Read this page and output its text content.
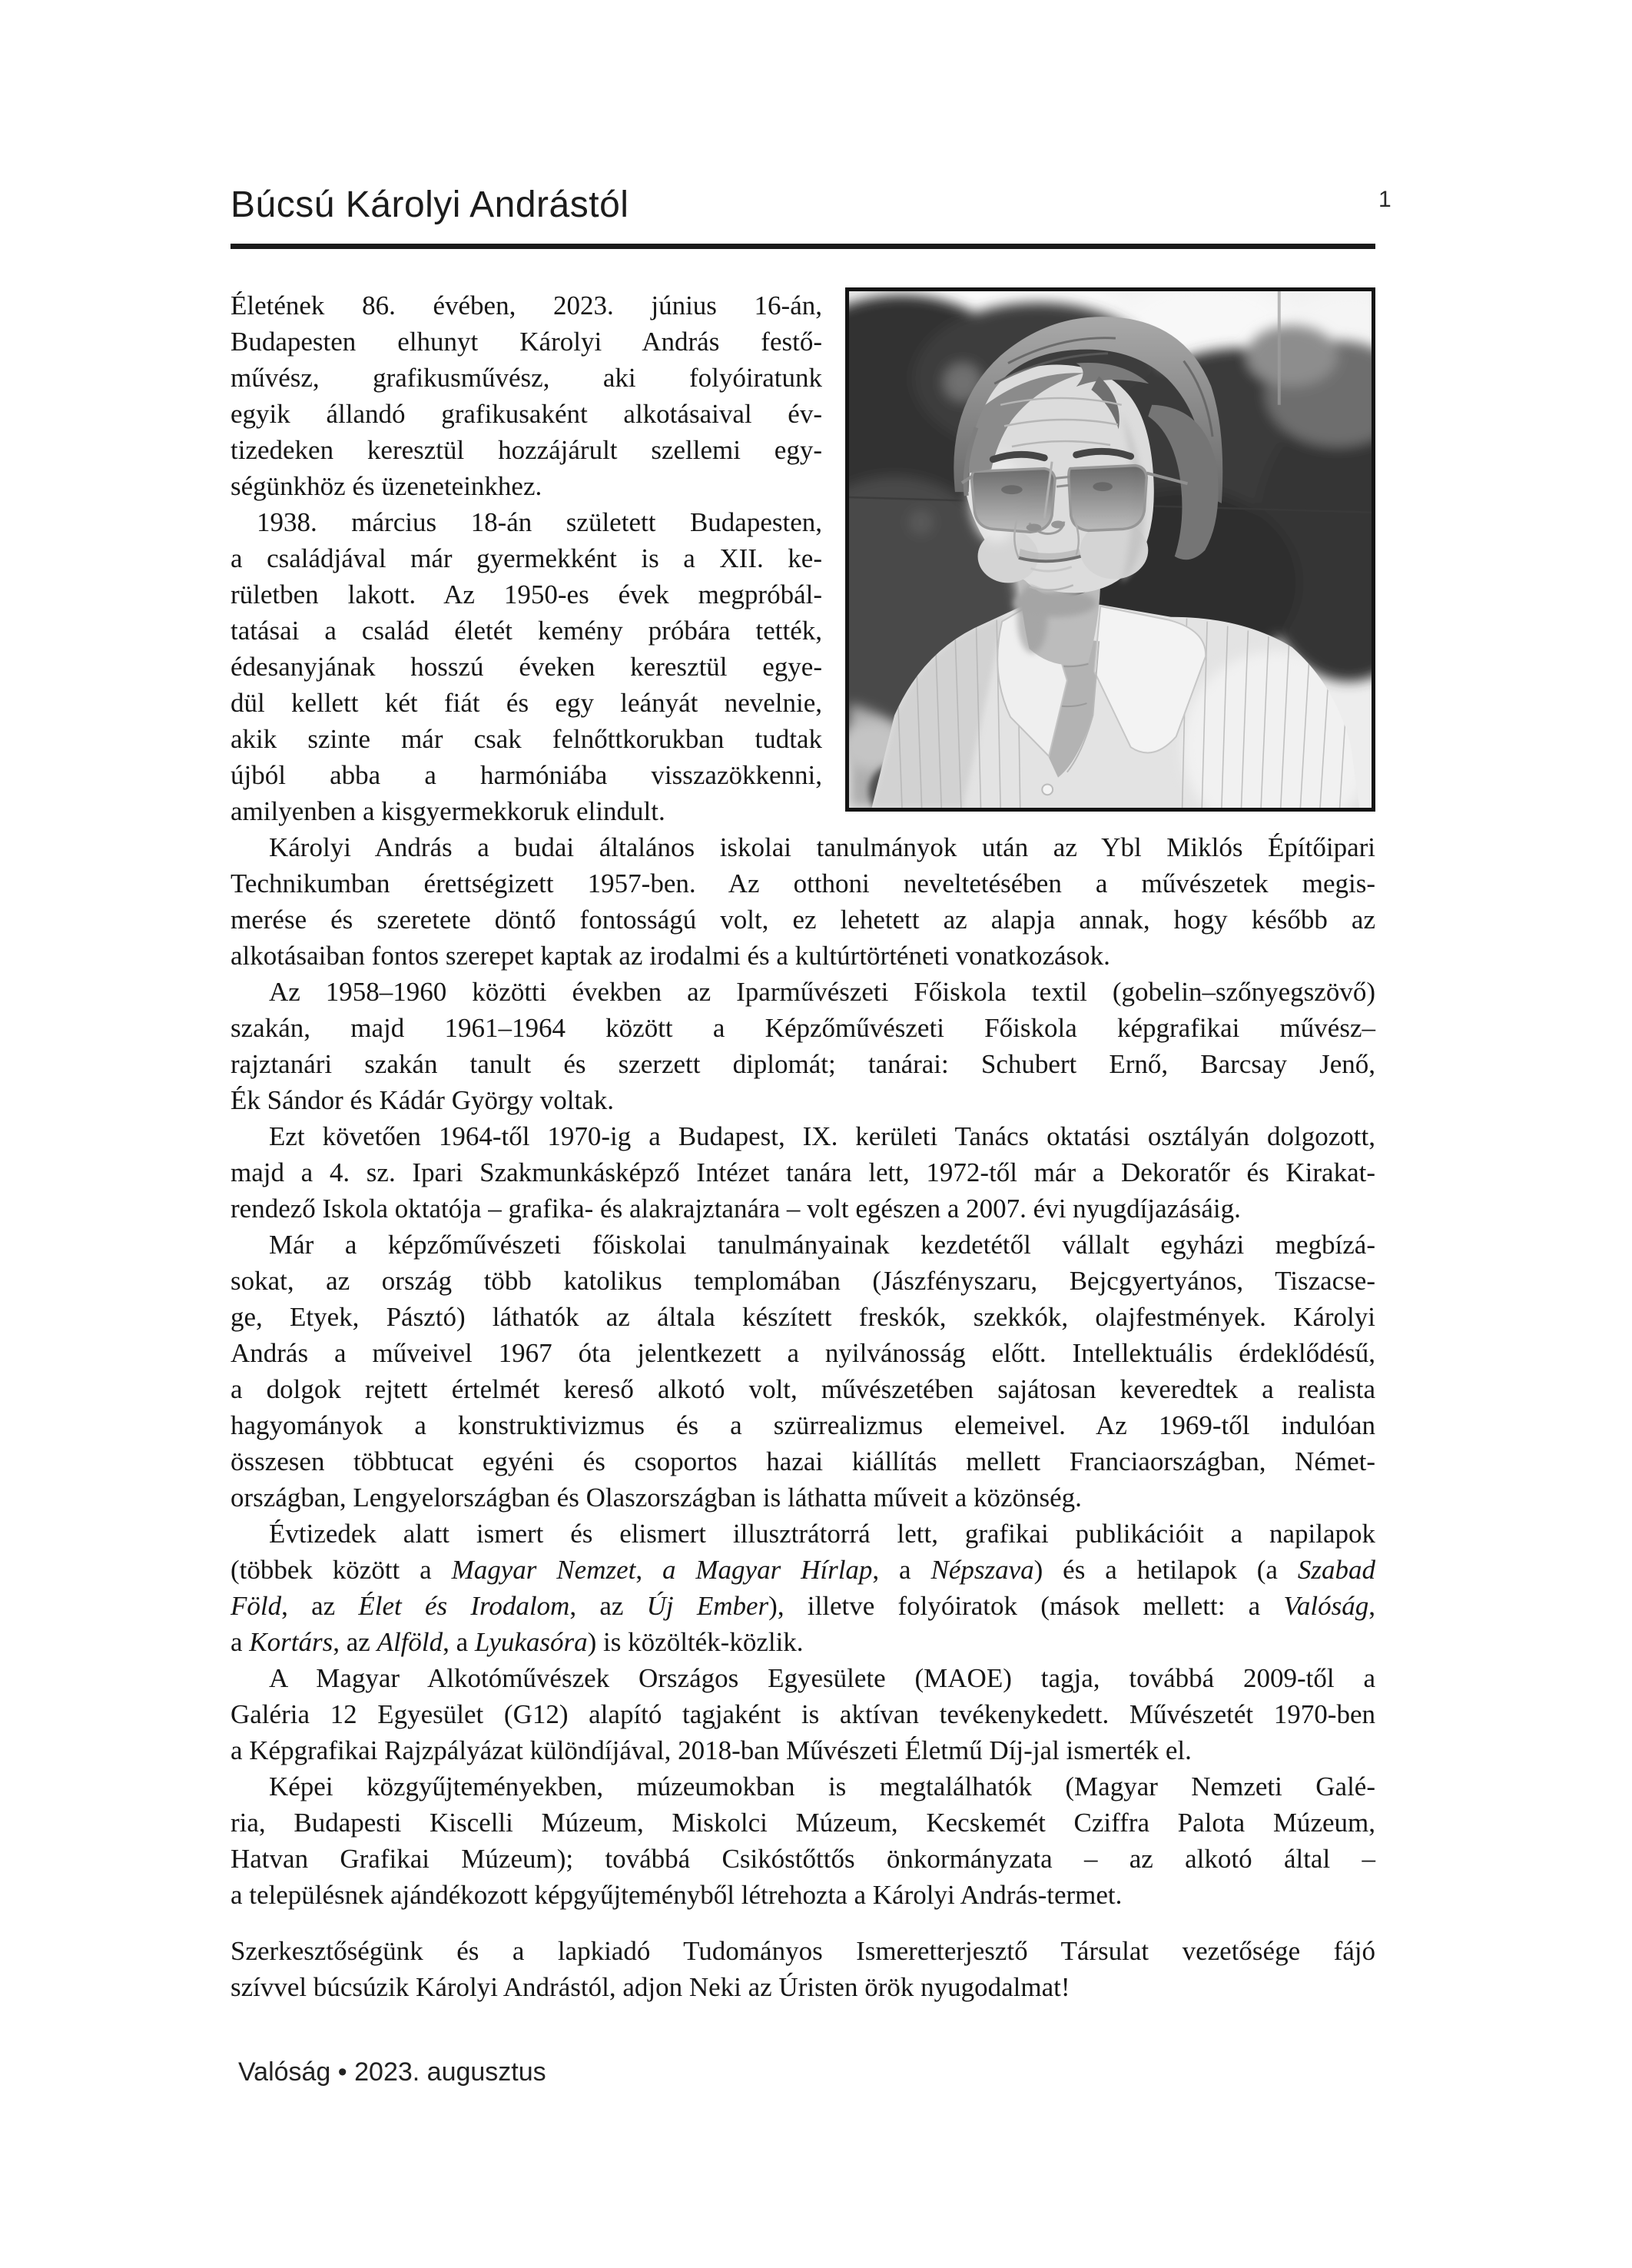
Búcsú Károlyi Andrástól	1
Életének 86. évében, 2023. június 16-án,
Budapesten elhunyt Károlyi András festő-
művész, grafikusművész, aki folyóiratunk
egyik állandó grafikusaként alkotásaival év-
tizedeken keresztül hozzájárult szellemi egy-
ségünkhöz és üzeneteinkhez.
1938. március 18-án született Budapesten,
a családjával már gyermekként is a XII. ke-
rületben lakott. Az 1950-es évek megpróbál-
tatásai a család életét kemény próbára tették,
édesanyjának hosszú éveken keresztül egye-
dül kellett két fiát és egy leányát nevelnie,
akik szinte már csak felnőttkorukban tudtak
újból abba a harmóniába visszazökkenni,
amilyenben a kisgyermekkoruk elindult.
Károlyi András a budai általános iskolai tanulmányok után az Ybl Miklós Építőipari
Technikumban érettségizett 1957-ben. Az otthoni neveltetésében a művészetek megis-
merése és szeretete döntő fontosságú volt, ez lehetett az alapja annak, hogy később az
alkotásaiban fontos szerepet kaptak az irodalmi és a kultúrtörténeti vonatkozások.
Az 1958–1960 közötti években az Iparművészeti Főiskola textil (gobelin–szőnyegszövő)
szakán, majd 1961–1964 között a Képzőművészeti Főiskola képgrafikai művész–
rajztanári szakán tanult és szerzett diplomát; tanárai: Schubert Ernő, Barcsay Jenő,
Ék Sándor és Kádár György voltak.
Ezt követően 1964-től 1970-ig a Budapest, IX. kerületi Tanács oktatási osztályán dolgozott,
majd a 4. sz. Ipari Szakmunkásképző Intézet tanára lett, 1972-től már a Dekoratőr és Kirakat-
rendező Iskola oktatója – grafika- és alakrajztanára – volt egészen a 2007. évi nyugdíjazásáig.
Már a képzőművészeti főiskolai tanulmányainak kezdetétől vállalt egyházi megbízá-
sokat, az ország több katolikus templomában (Jászfényszaru, Bejcgyertyános, Tiszacse-
ge, Etyek, Pásztó) láthatók az általa készített freskók, szekkók, olajfestmények. Károlyi
András a műveivel 1967 óta jelentkezett a nyilvánosság előtt. Intellektuális érdeklődésű,
a dolgok rejtett értelmét kereső alkotó volt, művészetében sajátosan keveredtek a realista
hagyományok a konstruktivizmus és a szürrealizmus elemeivel. Az 1969-től indulóan
összesen többtucat egyéni és csoportos hazai kiállítás mellett Franciaországban, Német-
országban, Lengyelországban és Olaszországban is láthatta műveit a közönség.
Évtizedek alatt ismert és elismert illusztrátorrá lett, grafikai publikációit a napilapok
(többek között a Magyar Nemzet, a Magyar Hírlap, a Népszava) és a hetilapok (a Szabad
Föld, az Élet és Irodalom, az Új Ember), illetve folyóiratok (mások mellett: a Valóság,
a Kortárs, az Alföld, a Lyukasóra) is közölték-közlik.
A Magyar Alkotóművészek Országos Egyesülete (MAOE) tagja, továbbá 2009-től a
Galéria 12 Egyesület (G12) alapító tagjaként is aktívan tevékenykedett. Művészetét 1970-ben
a Képgrafikai Rajzpályázat különdíjával, 2018-ban Művészeti Életmű Díj-jal ismerték el.
Képei közgyűjteményekben, múzeumokban is megtalálhatók (Magyar Nemzeti Galé-
ria, Budapesti Kiscelli Múzeum, Miskolci Múzeum, Kecskemét Cziffra Palota Múzeum,
Hatvan Grafikai Múzeum); továbbá Csikóstőttős önkormányzata – az alkotó által –
a településnek ajándékozott képgyűjteményből létrehozta a Károlyi András-termet.
Szerkesztőségünk és a lapkiadó Tudományos Ismeretterjesztő Társulat vezetősége fájó
szívvel búcsúzik Károlyi Andrástól, adjon Neki az Úristen örök nyugodalmat!
Valóság • 2023. augusztus
